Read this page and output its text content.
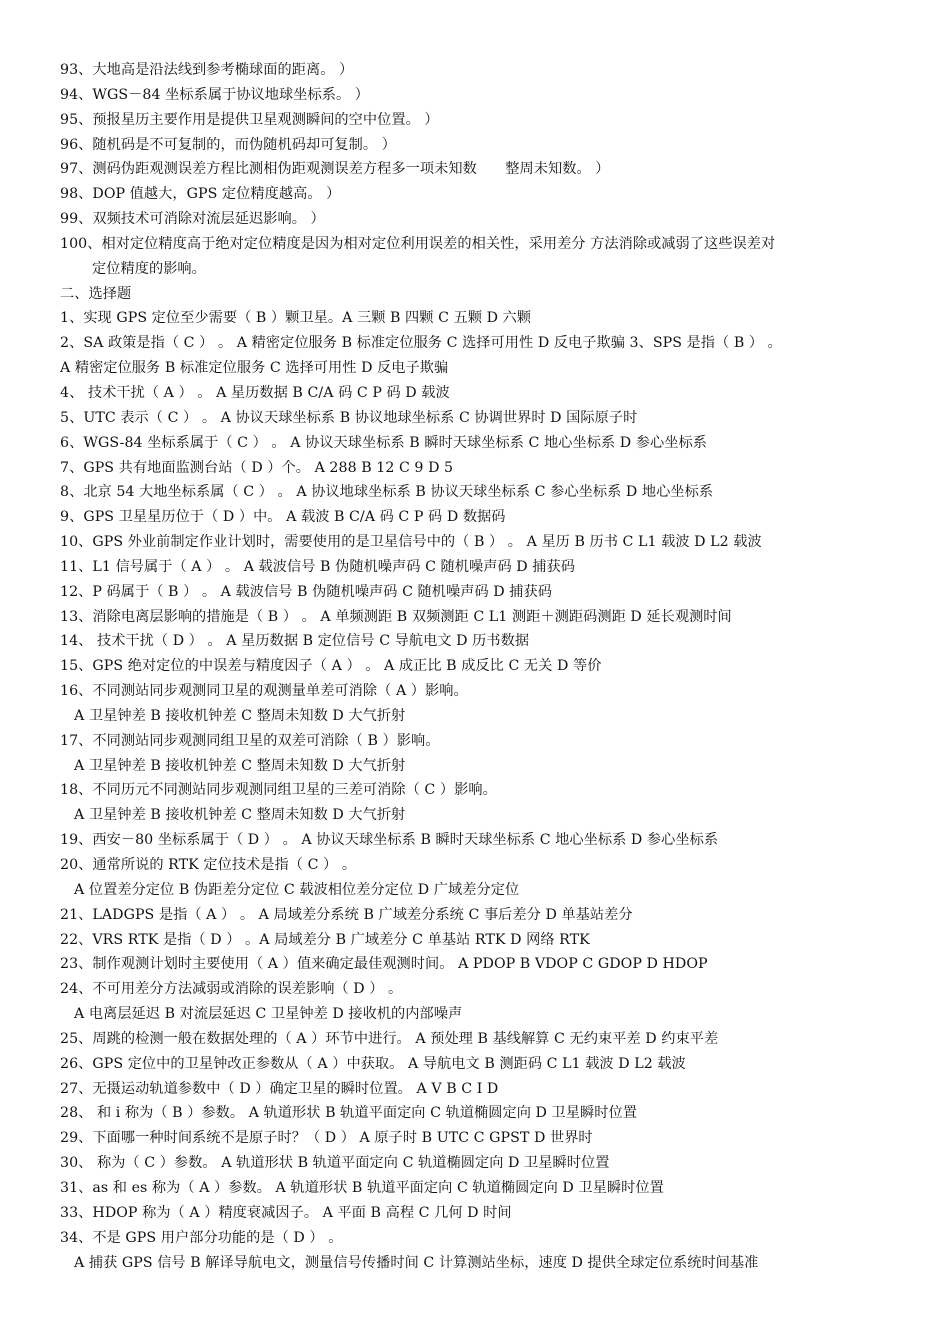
93、大地高是沿法线到参考椭球面的距离。 ）
94、WGS－84 坐标系属于协议地球坐标系。 ）
95、预报星历主要作用是提供卫星观测瞬间的空中位置。 ）
96、随机码是不可复制的，而伪随机码却可复制。 ）
97、测码伪距观测误差方程比测相伪距观测误差方程多一项未知数　　整周未知数。 ）
98、DOP 值越大，GPS 定位精度越高。 ）
99、双频技术可消除对流层延迟影响。 ）
100、相对定位精度高于绝对定位精度是因为相对定位利用误差的相关性，采用差分 方法消除或减弱了这些误差对
定位精度的影响。
二、选择题
1、实现 GPS 定位至少需要（ B ）颗卫星。A 三颗 B 四颗 C 五颗 D 六颗
2、SA 政策是指（ C ） 。 A 精密定位服务 B 标准定位服务 C 选择可用性 D 反电子欺骗 3、SPS 是指（ B ） 。
A 精密定位服务 B 标准定位服务 C 选择可用性 D 反电子欺骗
4、 技术干扰（ A ） 。 A 星历数据 B C/A 码 C P 码 D 载波
5、UTC 表示（ C ） 。 A 协议天球坐标系 B 协议地球坐标系 C 协调世界时 D 国际原子时
6、WGS-84 坐标系属于（ C ） 。 A 协议天球坐标系 B 瞬时天球坐标系 C 地心坐标系 D 参心坐标系
7、GPS 共有地面监测台站（ D ）个。 A 288 B 12 C 9 D 5
8、北京 54 大地坐标系属（ C ） 。 A 协议地球坐标系 B 协议天球坐标系 C 参心坐标系 D 地心坐标系
9、GPS 卫星星历位于（ D ）中。 A 载波 B C/A 码 C P 码 D 数据码
10、GPS 外业前制定作业计划时，需要使用的是卫星信号中的（ B ） 。 A 星历 B 历书 C L1 载波 D L2 载波
11、L1 信号属于（ A ） 。 A 载波信号 B 伪随机噪声码 C 随机噪声码 D 捕获码
12、P 码属于（ B ） 。 A 载波信号 B 伪随机噪声码 C 随机噪声码 D 捕获码
13、消除电离层影响的措施是（ B ） 。 A 单频测距 B 双频测距 C L1 测距＋测距码测距 D 延长观测时间
14、 技术干扰（ D ） 。 A 星历数据 B 定位信号 C 导航电文 D 历书数据
15、GPS 绝对定位的中误差与精度因子（ A ） 。 A 成正比 B 成反比 C 无关 D 等价
16、不同测站同步观测同卫星的观测量单差可消除（ A ）影响。
A 卫星钟差 B 接收机钟差 C 整周未知数 D 大气折射
17、不同测站同步观测同组卫星的双差可消除（ B ）影响。
A 卫星钟差 B 接收机钟差 C 整周未知数 D 大气折射
18、不同历元不同测站同步观测同组卫星的三差可消除（ C ）影响。
A 卫星钟差 B 接收机钟差 C 整周未知数 D 大气折射
19、西安－80 坐标系属于（ D ） 。 A 协议天球坐标系 B 瞬时天球坐标系 C 地心坐标系 D 参心坐标系
20、通常所说的 RTK 定位技术是指（ C ） 。
A 位置差分定位 B 伪距差分定位 C 载波相位差分定位 D 广域差分定位
21、LADGPS 是指（ A ） 。 A 局域差分系统 B 广域差分系统 C 事后差分 D 单基站差分
22、VRS RTK 是指（ D ） 。A 局域差分 B 广域差分 C 单基站 RTK D 网络 RTK
23、制作观测计划时主要使用（ A ）值来确定最佳观测时间。 A PDOP B VDOP C GDOP D HDOP
24、不可用差分方法减弱或消除的误差影响（ D ） 。
A 电离层延迟 B 对流层延迟 C 卫星钟差 D 接收机的内部噪声
25、周跳的检测一般在数据处理的（ A ）环节中进行。 A 预处理 B 基线解算 C 无约束平差 D 约束平差
26、GPS 定位中的卫星钟改正参数从（ A ）中获取。 A 导航电文 B 测距码 C L1 载波 D L2 载波
27、无摄运动轨道参数中（ D ）确定卫星的瞬时位置。 A V B C I D
28、 和 i 称为（ B ）参数。 A 轨道形状 B 轨道平面定向 C 轨道椭圆定向 D 卫星瞬时位置
29、下面哪一种时间系统不是原子时？（ D ） A 原子时 B UTC C GPST D 世界时
30、 称为（ C ）参数。 A 轨道形状 B 轨道平面定向 C 轨道椭圆定向 D 卫星瞬时位置
31、as 和 es 称为（ A ）参数。 A 轨道形状 B 轨道平面定向 C 轨道椭圆定向 D 卫星瞬时位置
33、HDOP 称为（ A ）精度衰减因子。 A 平面 B 高程 C 几何 D 时间
34、不是 GPS 用户部分功能的是（ D ） 。
A 捕获 GPS 信号 B 解译导航电文，测量信号传播时间 C 计算测站坐标，速度 D 提供全球定位系统时间基准
